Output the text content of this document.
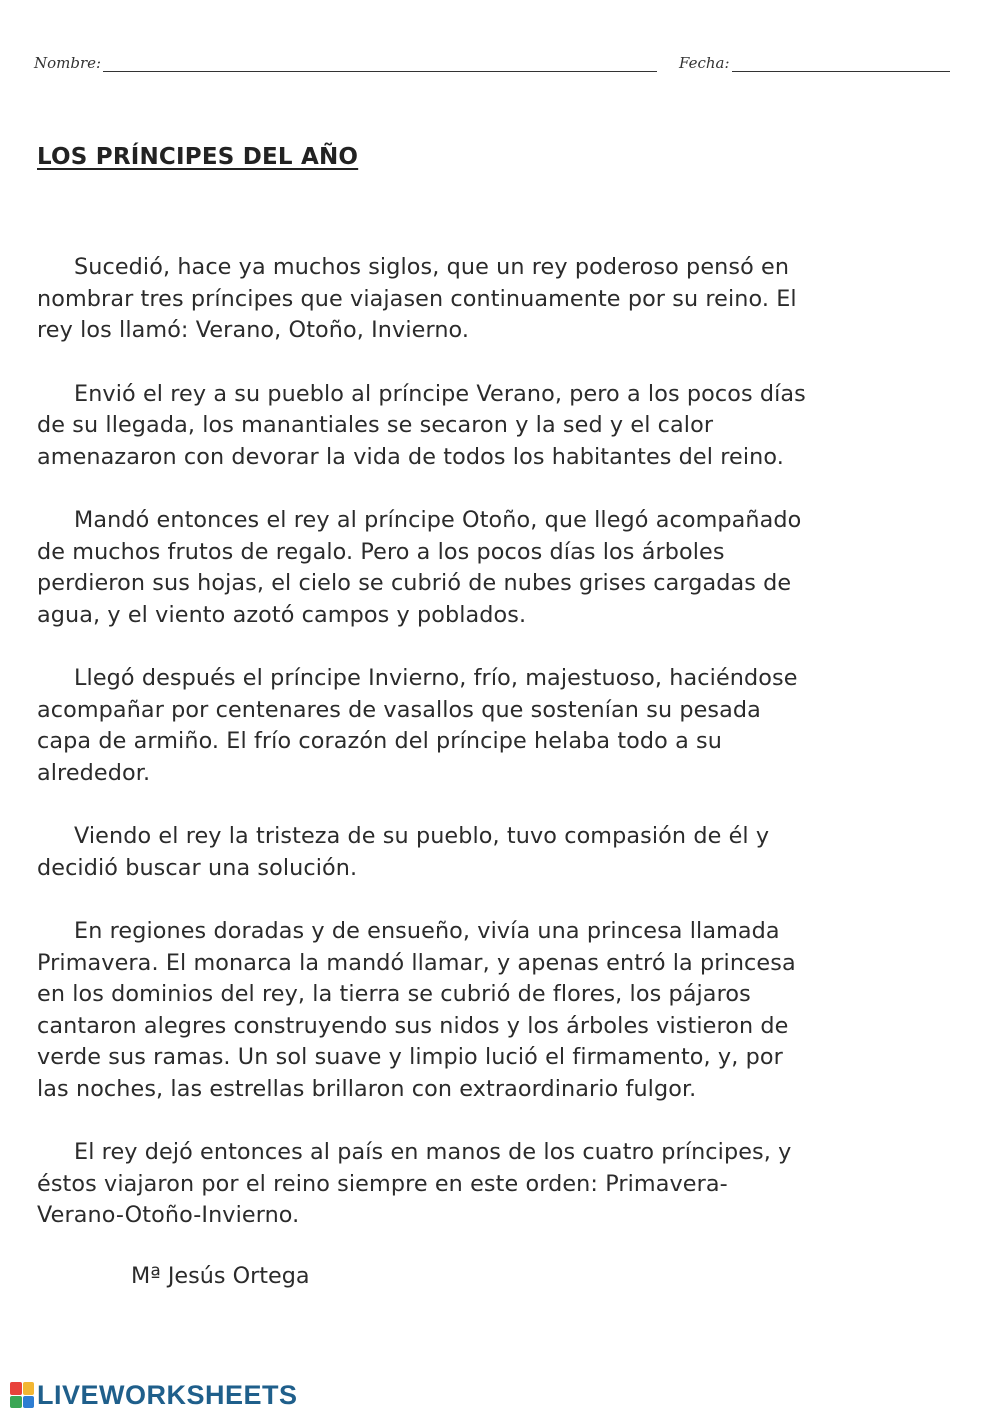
Nombre:	Fecha:
LOS PRÍNCIPES DEL AÑO

Sucedió, hace ya muchos siglos, que un rey poderoso pensó en
nombrar tres príncipes que viajasen continuamente por su reino. El
rey los llamó: Verano, Otoño, Invierno.

Envió el rey a su pueblo al príncipe Verano, pero a los pocos días
de su llegada, los manantiales se secaron y la sed y el calor
amenazaron con devorar la vida de todos los habitantes del reino.

Mandó entonces el rey al príncipe Otoño, que llegó acompañado
de muchos frutos de regalo. Pero a los pocos días los árboles
perdieron sus hojas, el cielo se cubrió de nubes grises cargadas de
agua, y el viento azotó campos y poblados.

Llegó después el príncipe Invierno, frío, majestuoso, haciéndose
acompañar por centenares de vasallos que sostenían su pesada
capa de armiño. El frío corazón del príncipe helaba todo a su
alrededor.

Viendo el rey la tristeza de su pueblo, tuvo compasión de él y
decidió buscar una solución.

En regiones doradas y de ensueño, vivía una princesa llamada
Primavera. El monarca la mandó llamar, y apenas entró la princesa
en los dominios del rey, la tierra se cubrió de flores, los pájaros
cantaron alegres construyendo sus nidos y los árboles vistieron de
verde sus ramas. Un sol suave y limpio lució el firmamento, y, por
las noches, las estrellas brillaron con extraordinario fulgor.

El rey dejó entonces al país en manos de los cuatro príncipes, y
éstos viajaron por el reino siempre en este orden: Primavera-
Verano-Otoño-Invierno.

Mª Jesús Ortega
LIVEWORKSHEETS
